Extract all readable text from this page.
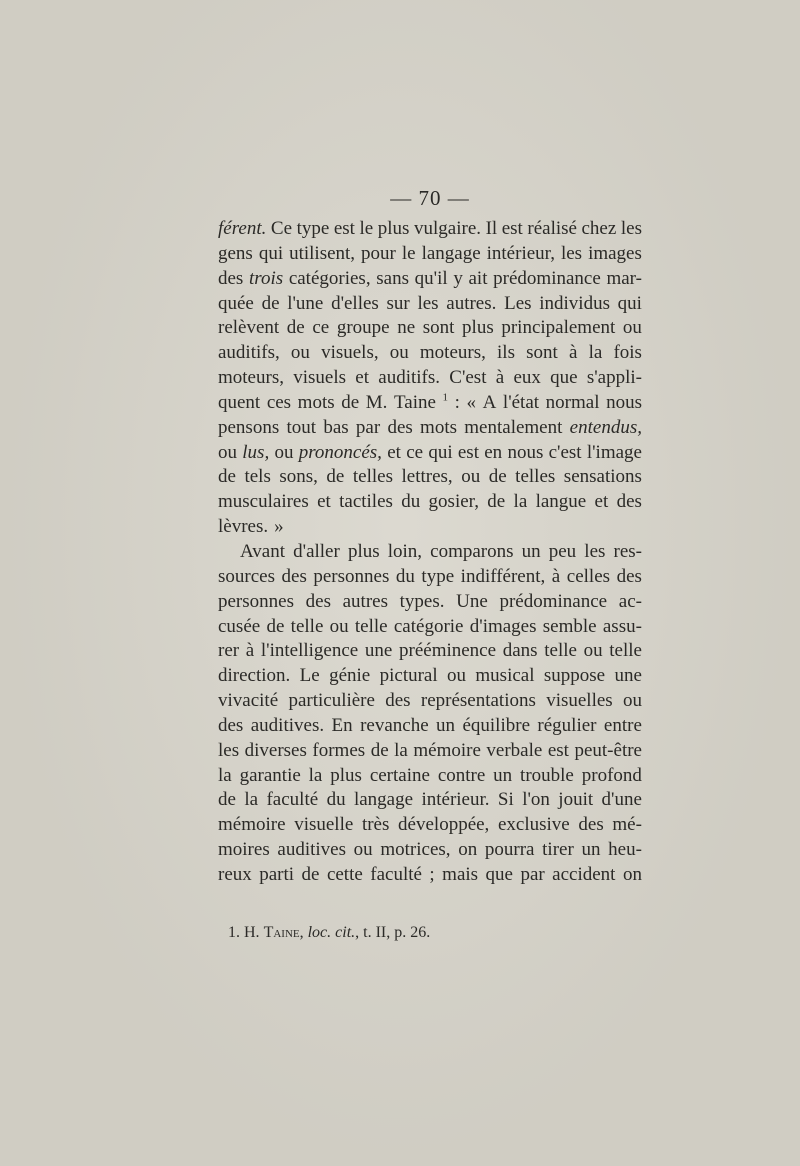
— 70 —
férent. Ce type est le plus vulgaire. Il est réalisé chez les
gens qui utilisent, pour le langage intérieur, les images
des trois catégories, sans qu'il y ait prédominance mar-
quée de l'une d'elles sur les autres. Les individus qui
relèvent de ce groupe ne sont plus principalement ou
auditifs, ou visuels, ou moteurs, ils sont à la fois
moteurs, visuels et auditifs. C'est à eux que s'appli-
quent ces mots de M. Taine $^1$ : « A l'état normal nous
pensons tout bas par des mots mentalement entendus,
ou lus, ou prononcés, et ce qui est en nous c'est l'image
de tels sons, de telles lettres, ou de telles sensations
musculaires et tactiles du gosier, de la langue et des
lèvres. »
Avant d'aller plus loin, comparons un peu les res-
sources des personnes du type indifférent, à celles des
personnes des autres types. Une prédominance ac-
cusée de telle ou telle catégorie d'images semble assu-
rer à l'intelligence une prééminence dans telle ou telle
direction. Le génie pictural ou musical suppose une
vivacité particulière des représentations visuelles ou
des auditives. En revanche un équilibre régulier entre
les diverses formes de la mémoire verbale est peut-être
la garantie la plus certaine contre un trouble profond
de la faculté du langage intérieur. Si l'on jouit d'une
mémoire visuelle très développée, exclusive des mé-
moires auditives ou motrices, on pourra tirer un heu-
reux parti de cette faculté ; mais que par accident on
1. H. Taine, loc. cit., t. II, p. 26.
